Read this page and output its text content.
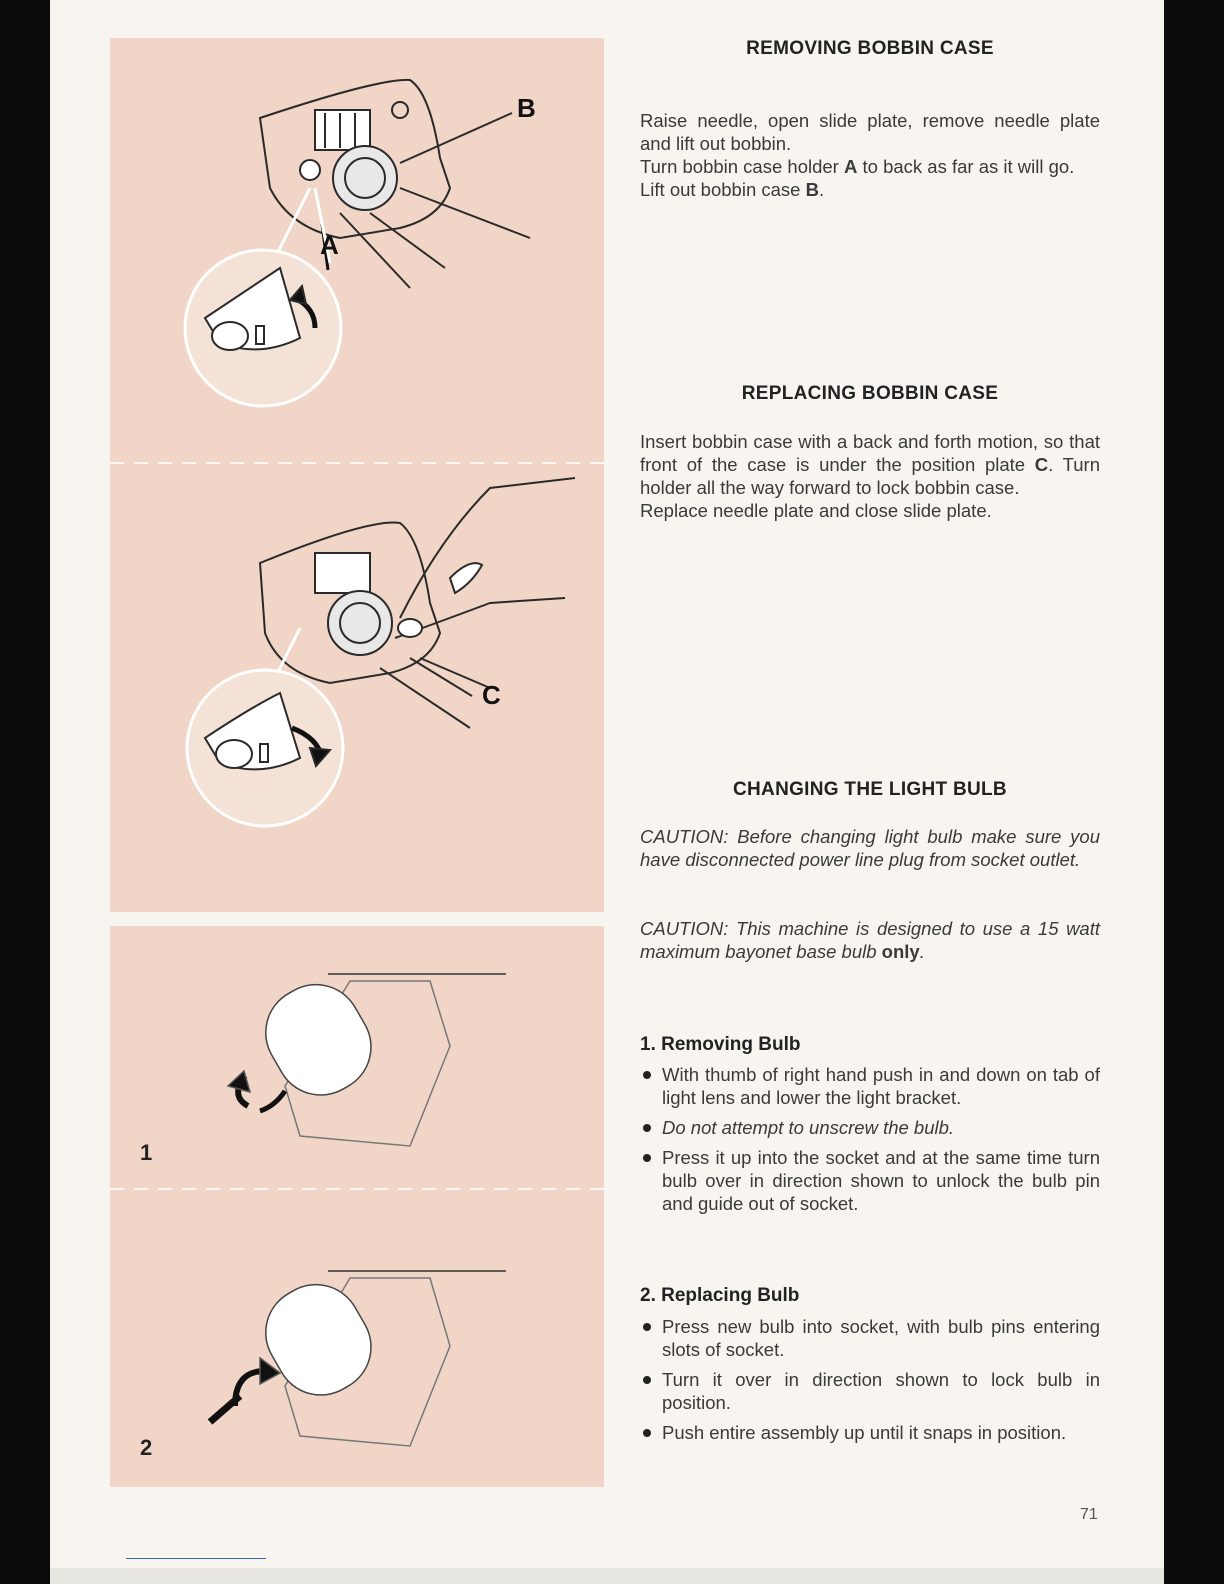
B
A
C
1
2
REMOVING BOBBIN CASE

Raise needle, open slide plate, remove needle plate and lift out bobbin.

Turn bobbin case holder A to back as far as it will go.

Lift out bobbin case B.

REPLACING BOBBIN CASE

Insert bobbin case with a back and forth motion, so that front of the case is under the position plate C. Turn holder all the way forward to lock bobbin case.

Replace needle plate and close slide plate.

CHANGING THE LIGHT BULB

CAUTION: Before changing light bulb make sure you have disconnected power line plug from socket outlet.

CAUTION: This machine is designed to use a 15 watt maximum bayonet base bulb only.

1. Removing Bulb
With thumb of right hand push in and down on tab of light lens and lower the light bracket.
Do not attempt to unscrew the bulb.
Press it up into the socket and at the same time turn bulb over in direction shown to unlock the bulb pin and guide out of socket.
2. Replacing Bulb
Press new bulb into socket, with bulb pins entering slots of socket.
Turn it over in direction shown to lock bulb in position.
Push entire assembly up until it snaps in position.
71
